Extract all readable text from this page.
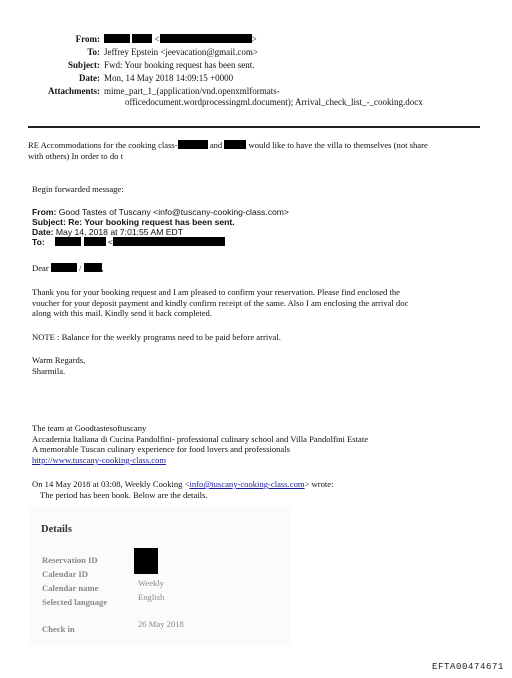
From:	<	>
To: Jeffrey Epstein <jeevacation@gmail.com>
Subject: Fwd: Your booking request has been sent.
Date: Mon, 14 May 2018 14:09:15 +0000
Attachments: mime_part_1_(application/vnd.openxmlformats-
officedocument.wordprocessingml.document); Arrival_check_list_-_cooking.docx
RE Accommodations for the cooking class-	and	would like to have the villa to themselves (not share
with others) In order to do t
Begin forwarded message:
From: Good Tastes of Tuscany <info@tuscany-cooking-class.com>
Subject: Re: Your booking request has been sent.
Date: May 14, 2018 at 7:01:55 AM EDT
To:	<
Dear	/ ,
Thank you for your booking request and I am pleased to confirm your reservation. Please find enclosed the
voucher for your deposit payment and kindly confirm receipt of the same. Also I am enclosing the arrival doc
along with this mail. Kindly send it back completed.
NOTE : Balance for the weekly programs need to be paid before arrival.
Warm Regards,
Sharmila.
The team at Goodtastesoftuscany
Accademia Italiana di Cucina Pandolfini- professional culinary school and Villa Pandolfini Estate
A memorable Tuscan culinary experience for food lovers and professionals
http://www.tuscany-cooking-class.com
On 14 May 2018 at 03:08, Weekly Cooking <info@tuscany-cooking-class.com> wrote:
The period has been book. Below are the details.
Details
Reservation ID
Calendar ID
Calendar name	Weekly
Selected language	English
Check in	26 May 2018
EFTA00474671
